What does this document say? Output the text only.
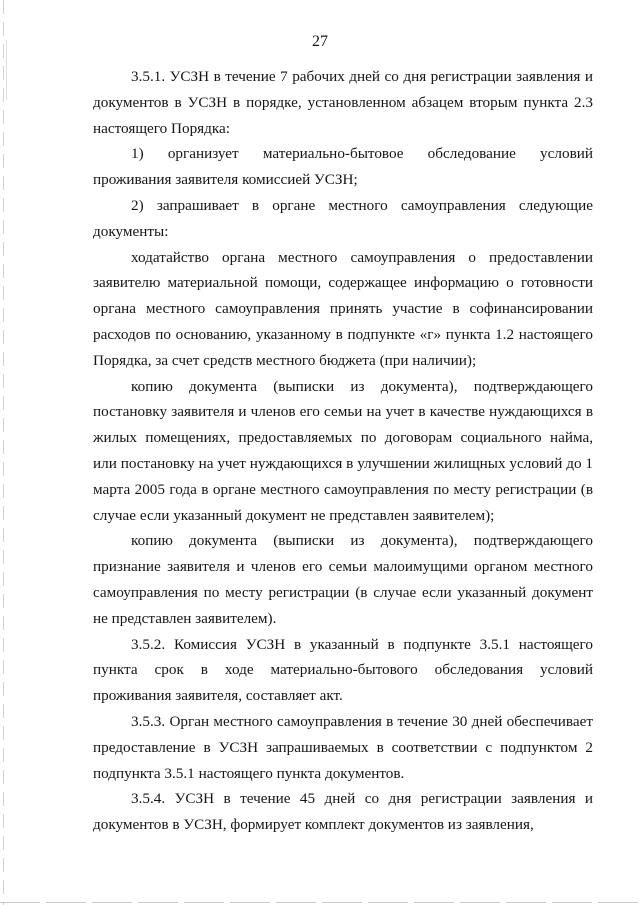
27

3.5.1. УСЗН в течение 7 рабочих дней со дня регистрации заявления и документов в УСЗН в порядке, установленном абзацем вторым пункта 2.3 настоящего Порядка:

1) организует материально-бытовое обследование условий проживания заявителя комиссией УСЗН;

2) запрашивает в органе местного самоуправления следующие документы:

ходатайство органа местного самоуправления о предоставлении заявителю материальной помощи, содержащее информацию о готовности органа местного самоуправления принять участие в софинансировании расходов по основанию, указанному в подпункте «г» пункта 1.2 настоящего Порядка, за счет средств местного бюджета (при наличии);

копию документа (выписки из документа), подтверждающего постановку заявителя и членов его семьи на учет в качестве нуждающихся в жилых помещениях, предоставляемых по договорам социального найма, или постановку на учет нуждающихся в улучшении жилищных условий до 1 марта 2005 года в органе местного самоуправления по месту регистрации (в случае если указанный документ не представлен заявителем);

копию документа (выписки из документа), подтверждающего признание заявителя и членов его семьи малоимущими органом местного самоуправления по месту регистрации (в случае если указанный документ не представлен заявителем).

3.5.2. Комиссия УСЗН в указанный в подпункте 3.5.1 настоящего пункта срок в ходе материально-бытового обследования условий проживания заявителя, составляет акт.

3.5.3. Орган местного самоуправления в течение 30 дней обеспечивает предоставление в УСЗН запрашиваемых в соответствии с подпунктом 2 подпункта 3.5.1 настоящего пункта документов.

3.5.4. УСЗН в течение 45 дней со дня регистрации заявления и документов в УСЗН, формирует комплект документов из заявления,
